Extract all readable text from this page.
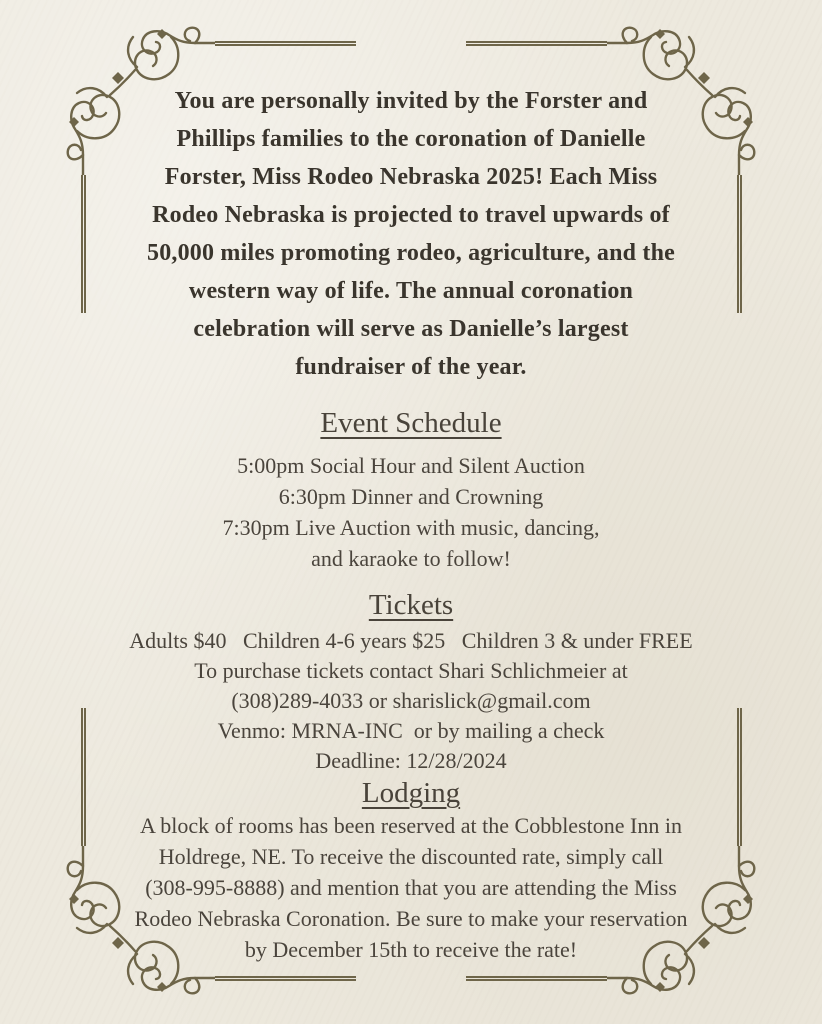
You are personally invited by the Forster and
Phillips families to the coronation of Danielle
Forster, Miss Rodeo Nebraska 2025! Each Miss
Rodeo Nebraska is projected to travel upwards of
50,000 miles promoting rodeo, agriculture, and the
western way of life. The annual coronation
celebration will serve as Danielle’s largest
fundraiser of the year.
Event Schedule
5:00pm Social Hour and Silent Auction
6:30pm Dinner and Crowning
7:30pm Live Auction with music, dancing,
and karaoke to follow!
Tickets
Adults $40   Children 4-6 years $25   Children 3 & under FREE
To purchase tickets contact Shari Schlichmeier at
(308)289-4033 or sharislick@gmail.com
Venmo: MRNA-INC  or by mailing a check
Deadline: 12/28/2024
Lodging
A block of rooms has been reserved at the Cobblestone Inn in
Holdrege, NE. To receive the discounted rate, simply call
(308-995-8888) and mention that you are attending the Miss
Rodeo Nebraska Coronation. Be sure to make your reservation
by December 15th to receive the rate!
